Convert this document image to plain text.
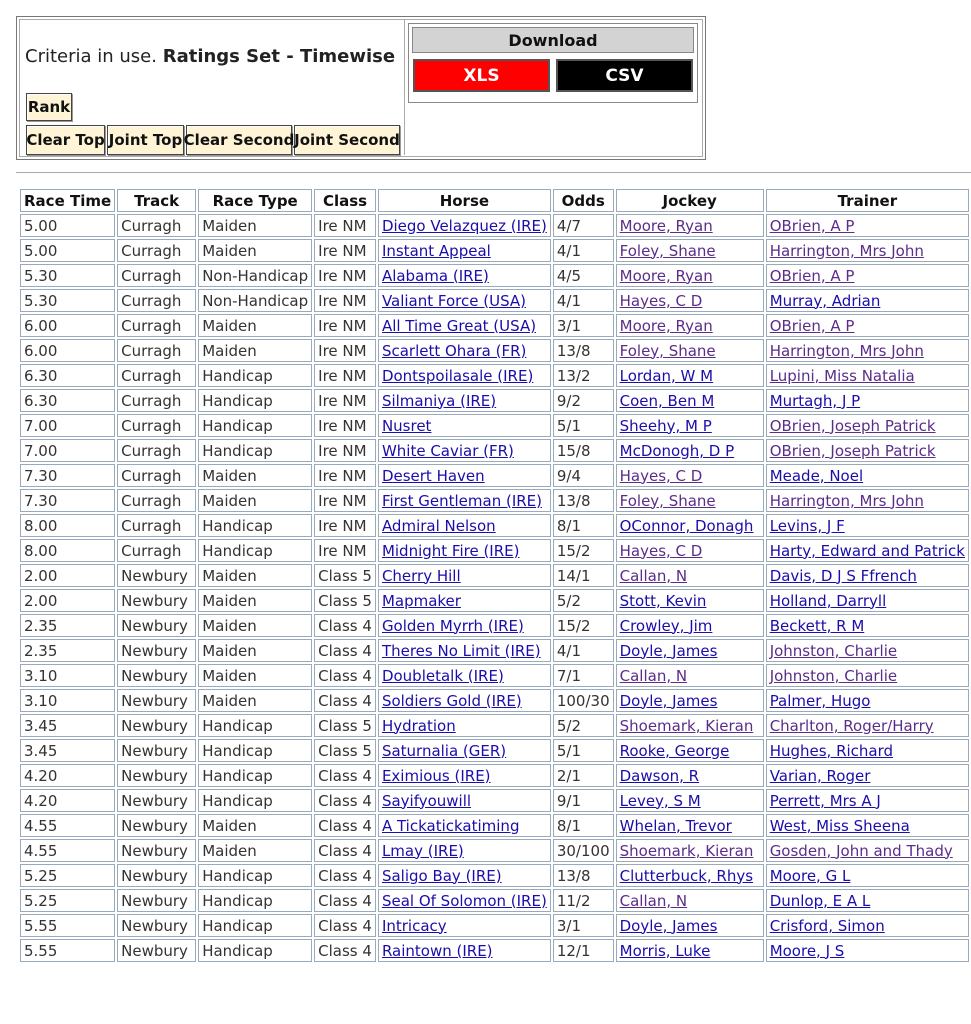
Criteria in use. Ratings Set - Timewise
Rank
Clear Top Joint Top Clear Second Joint Second
Download
XLS	CSV
Race Time	Track	Race Type	Class	Horse	Odds	Jockey	Trainer
5.00	Curragh	Maiden	Ire NM	Diego Velazquez (IRE)	4/7	Moore, Ryan	OBrien, A P
5.00	Curragh	Maiden	Ire NM	Instant Appeal	4/1	Foley, Shane	Harrington, Mrs John
5.30	Curragh	Non-Handicap	Ire NM	Alabama (IRE)	4/5	Moore, Ryan	OBrien, A P
5.30	Curragh	Non-Handicap	Ire NM	Valiant Force (USA)	4/1	Hayes, C D	Murray, Adrian
6.00	Curragh	Maiden	Ire NM	All Time Great (USA)	3/1	Moore, Ryan	OBrien, A P
6.00	Curragh	Maiden	Ire NM	Scarlett Ohara (FR)	13/8	Foley, Shane	Harrington, Mrs John
6.30	Curragh	Handicap	Ire NM	Dontspoilasale (IRE)	13/2	Lordan, W M	Lupini, Miss Natalia
6.30	Curragh	Handicap	Ire NM	Silmaniya (IRE)	9/2	Coen, Ben M	Murtagh, J P
7.00	Curragh	Handicap	Ire NM	Nusret	5/1	Sheehy, M P	OBrien, Joseph Patrick
7.00	Curragh	Handicap	Ire NM	White Caviar (FR)	15/8	McDonogh, D P	OBrien, Joseph Patrick
7.30	Curragh	Maiden	Ire NM	Desert Haven	9/4	Hayes, C D	Meade, Noel
7.30	Curragh	Maiden	Ire NM	First Gentleman (IRE)	13/8	Foley, Shane	Harrington, Mrs John
8.00	Curragh	Handicap	Ire NM	Admiral Nelson	8/1	OConnor, Donagh	Levins, J F
8.00	Curragh	Handicap	Ire NM	Midnight Fire (IRE)	15/2	Hayes, C D	Harty, Edward and Patrick
2.00	Newbury	Maiden	Class 5	Cherry Hill	14/1	Callan, N	Davis, D J S Ffrench
2.00	Newbury	Maiden	Class 5	Mapmaker	5/2	Stott, Kevin	Holland, Darryll
2.35	Newbury	Maiden	Class 4	Golden Myrrh (IRE)	15/2	Crowley, Jim	Beckett, R M
2.35	Newbury	Maiden	Class 4	Theres No Limit (IRE)	4/1	Doyle, James	Johnston, Charlie
3.10	Newbury	Maiden	Class 4	Doubletalk (IRE)	7/1	Callan, N	Johnston, Charlie
3.10	Newbury	Maiden	Class 4	Soldiers Gold (IRE)	100/30	Doyle, James	Palmer, Hugo
3.45	Newbury	Handicap	Class 5	Hydration	5/2	Shoemark, Kieran	Charlton, Roger/Harry
3.45	Newbury	Handicap	Class 5	Saturnalia (GER)	5/1	Rooke, George	Hughes, Richard
4.20	Newbury	Handicap	Class 4	Eximious (IRE)	2/1	Dawson, R	Varian, Roger
4.20	Newbury	Handicap	Class 4	Sayifyouwill	9/1	Levey, S M	Perrett, Mrs A J
4.55	Newbury	Maiden	Class 4	A Tickatickatiming	8/1	Whelan, Trevor	West, Miss Sheena
4.55	Newbury	Maiden	Class 4	Lmay (IRE)	30/100	Shoemark, Kieran	Gosden, John and Thady
5.25	Newbury	Handicap	Class 4	Saligo Bay (IRE)	13/8	Clutterbuck, Rhys	Moore, G L
5.25	Newbury	Handicap	Class 4	Seal Of Solomon (IRE)	11/2	Callan, N	Dunlop, E A L
5.55	Newbury	Handicap	Class 4	Intricacy	3/1	Doyle, James	Crisford, Simon
5.55	Newbury	Handicap	Class 4	Raintown (IRE)	12/1	Morris, Luke	Moore, J S
